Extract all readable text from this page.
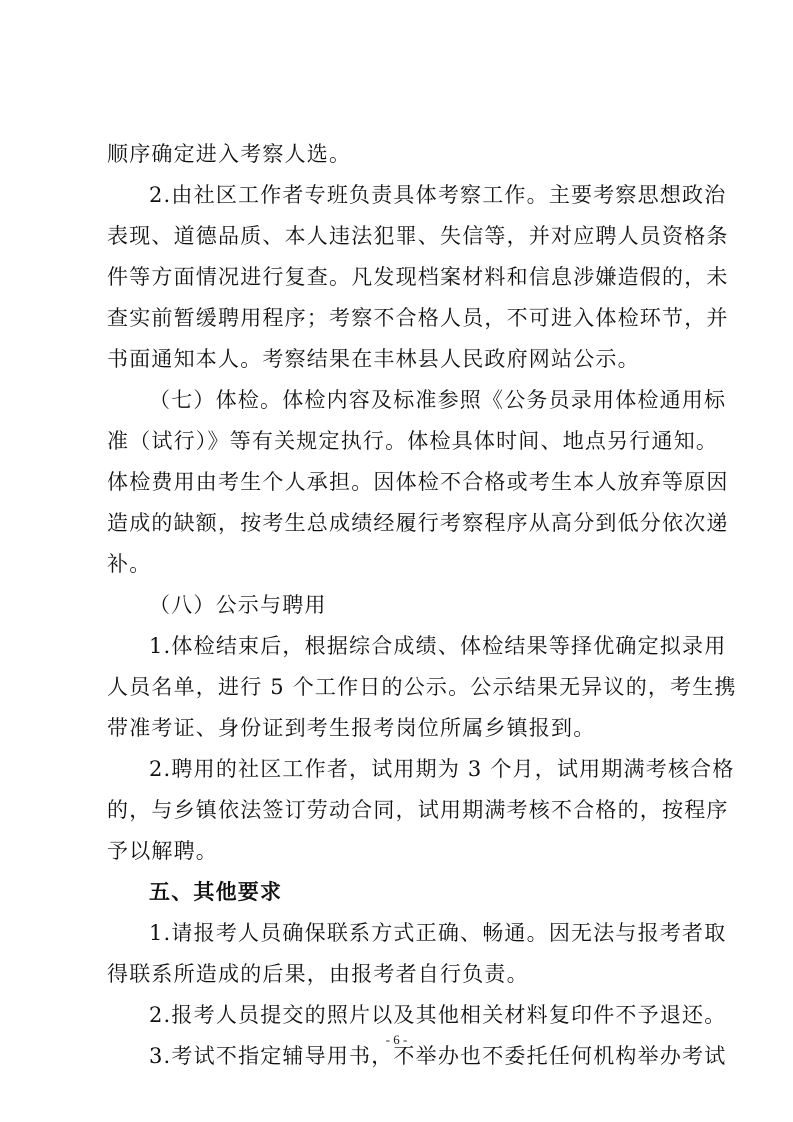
顺序确定进入考察人选。
2.由社区工作者专班负责具体考察工作。主要考察思想政治
表现、道德品质、本人违法犯罪、失信等，并对应聘人员资格条
件等方面情况进行复查。凡发现档案材料和信息涉嫌造假的，未
查实前暂缓聘用程序；考察不合格人员，不可进入体检环节，并
书面通知本人。考察结果在丰林县人民政府网站公示。
（七）体检。体检内容及标准参照《公务员录用体检通用标
准（试行）》等有关规定执行。体检具体时间、地点另行通知。
体检费用由考生个人承担。因体检不合格或考生本人放弃等原因
造成的缺额，按考生总成绩经履行考察程序从高分到低分依次递
补。
（八）公示与聘用
1.体检结束后，根据综合成绩、体检结果等择优确定拟录用
人员名单，进行 5 个工作日的公示。公示结果无异议的，考生携
带准考证、身份证到考生报考岗位所属乡镇报到。
2.聘用的社区工作者，试用期为 3 个月，试用期满考核合格
的，与乡镇依法签订劳动合同，试用期满考核不合格的，按程序
予以解聘。
五、其他要求
1.请报考人员确保联系方式正确、畅通。因无法与报考者取
得联系所造成的后果，由报考者自行负责。
2.报考人员提交的照片以及其他相关材料复印件不予退还。
3.考试不指定辅导用书，不举办也不委托任何机构举办考试
- 6 -
